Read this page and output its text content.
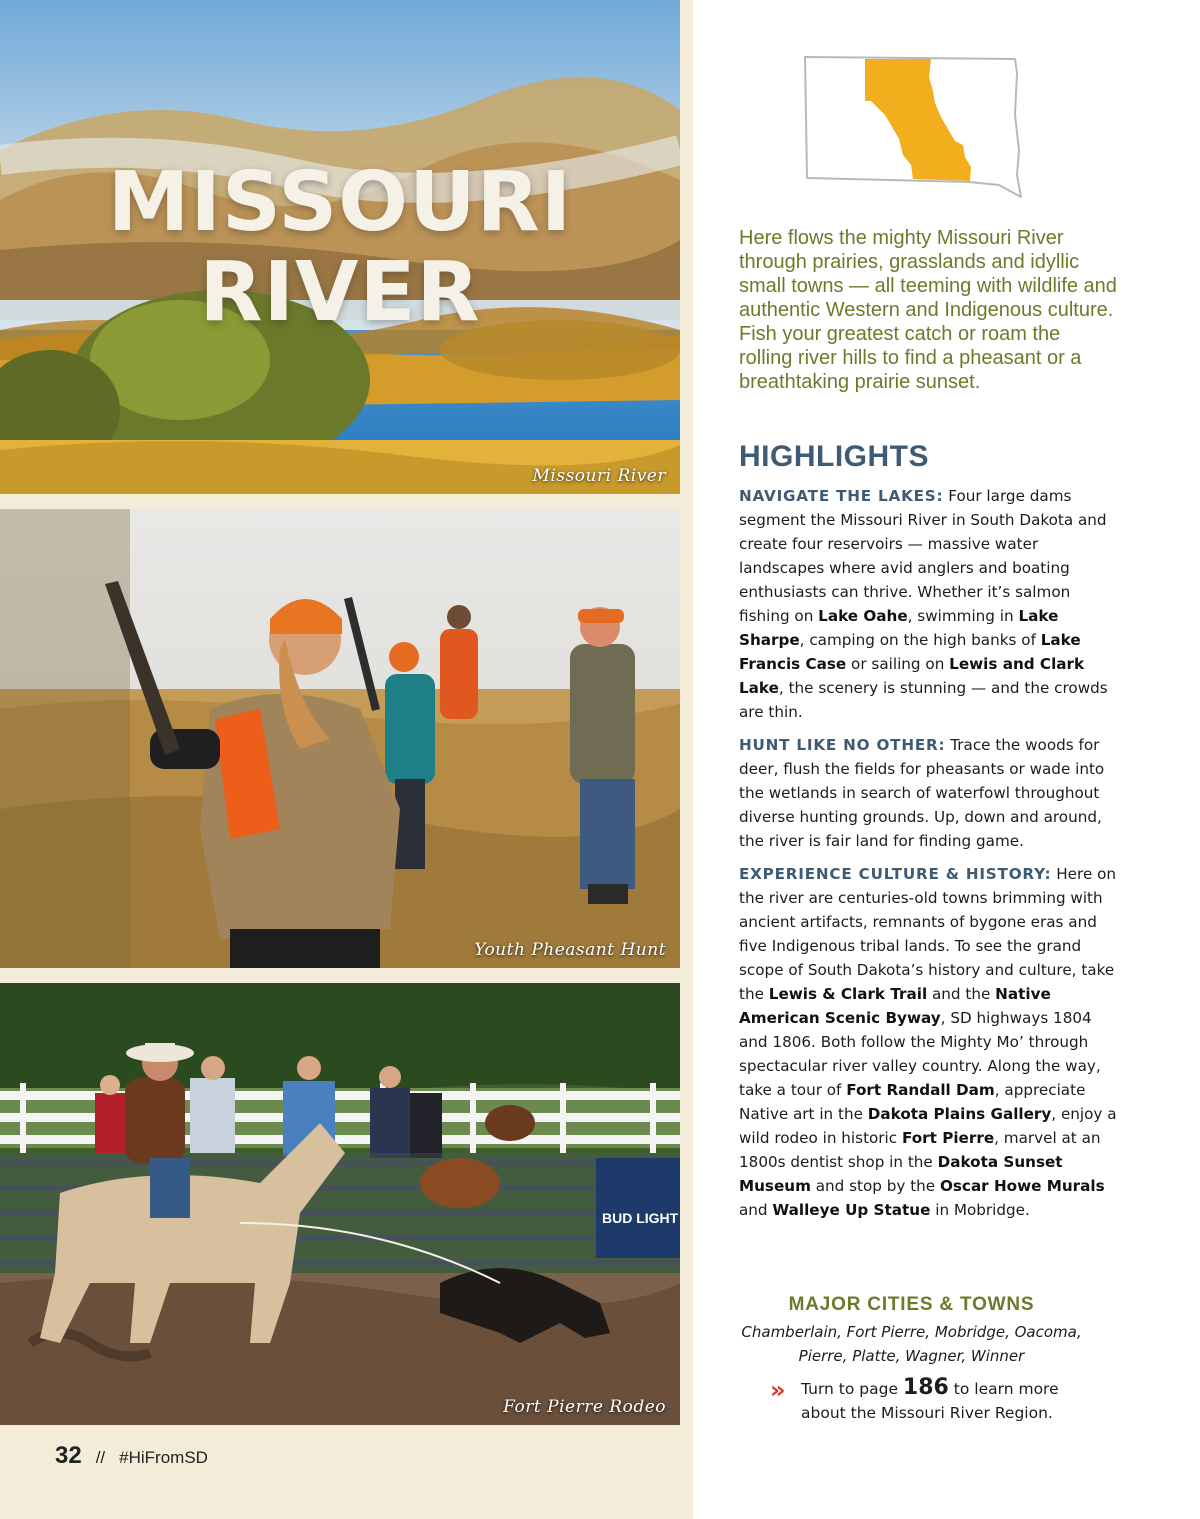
Missouri River
MISSOURI
RIVER
Youth Pheasant Hunt
BUD LIGHT
Fort Pierre Rodeo
32 // #HiFromSD

Here flows the mighty Missouri River through prairies, grasslands and idyllic small towns — all teeming with wildlife and authentic Western and Indigenous culture. Fish your greatest catch or roam the rolling river hills to find a pheasant or a breathtaking prairie sunset.

HIGHLIGHTS

NAVIGATE THE LAKES: Four large dams segment the Missouri River in South Dakota and create four reservoirs — massive water landscapes where avid anglers and boating enthusiasts can thrive. Whether it’s salmon fishing on Lake Oahe, swimming in Lake Sharpe, camping on the high banks of Lake Francis Case or sailing on Lewis and Clark Lake, the scenery is stunning — and the crowds are thin.

HUNT LIKE NO OTHER: Trace the woods for deer, flush the fields for pheasants or wade into the wetlands in search of waterfowl throughout diverse hunting grounds. Up, down and around, the river is fair land for finding game.

EXPERIENCE CULTURE & HISTORY: Here on the river are centuries-old towns brimming with ancient artifacts, remnants of bygone eras and five Indigenous tribal lands. To see the grand scope of South Dakota’s history and culture, take the Lewis & Clark Trail and the Native American Scenic Byway, SD highways 1804 and 1806. Both follow the Mighty Mo’ through spectacular river valley country. Along the way, take a tour of Fort Randall Dam, appreciate Native art in the Dakota Plains Gallery, enjoy a wild rodeo in historic Fort Pierre, marvel at an 1800s dentist shop in the Dakota Sunset Museum and stop by the Oscar Howe Murals and Walleye Up Statue in Mobridge.

MAJOR CITIES & TOWNS

Chamberlain, Fort Pierre, Mobridge, Oacoma, Pierre, Platte, Wagner, Winner

» Turn to page 186 to learn more about the Missouri River Region.
